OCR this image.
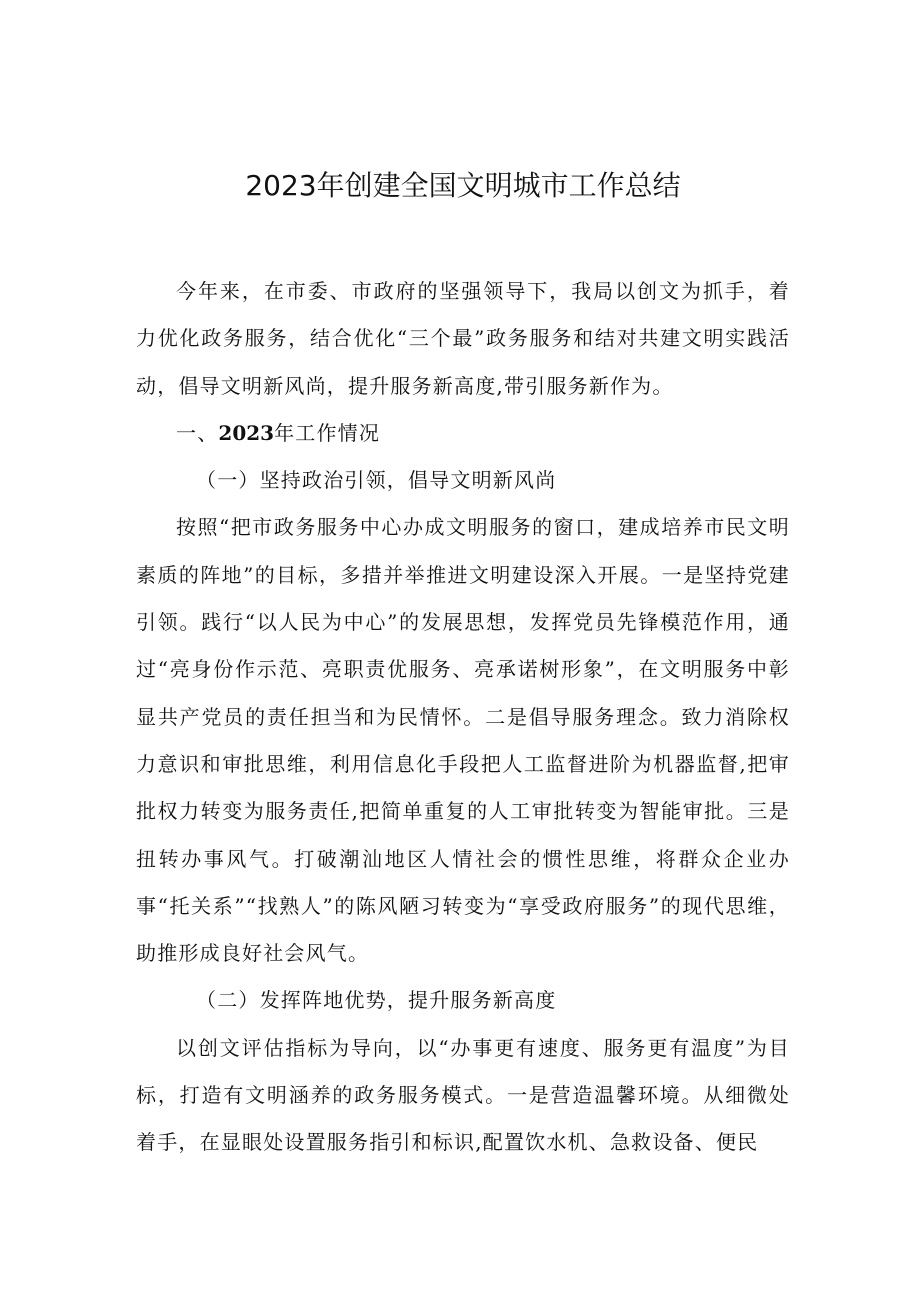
2023年创建全国文明城市工作总结

今年来，在市委、市政府的坚强领导下，我局以创文为抓手，着力优化政务服务，结合优化“三个最”政务服务和结对共建文明实践活动，倡导文明新风尚，提升服务新高度,带引服务新作为。

一、2023年工作情况

（一）坚持政治引领，倡导文明新风尚

按照“把市政务服务中心办成文明服务的窗口，建成培养市民文明素质的阵地”的目标，多措并举推进文明建设深入开展。一是坚持党建引领。践行“以人民为中心”的发展思想，发挥党员先锋模范作用，通过“亮身份作示范、亮职责优服务、亮承诺树形象”，在文明服务中彰显共产党员的责任担当和为民情怀。二是倡导服务理念。致力消除权力意识和审批思维，利用信息化手段把人工监督进阶为机器监督,把审批权力转变为服务责任,把简单重复的人工审批转变为智能审批。三是扭转办事风气。打破潮汕地区人情社会的惯性思维，将群众企业办事“托关系”“找熟人”的陈风陋习转变为“享受政府服务”的现代思维，助推形成良好社会风气。

（二）发挥阵地优势，提升服务新高度

以创文评估指标为导向，以“办事更有速度、服务更有温度”为目标，打造有文明涵养的政务服务模式。一是营造温馨环境。从细微处着手，在显眼处设置服务指引和标识,配置饮水机、急救设备、便民
